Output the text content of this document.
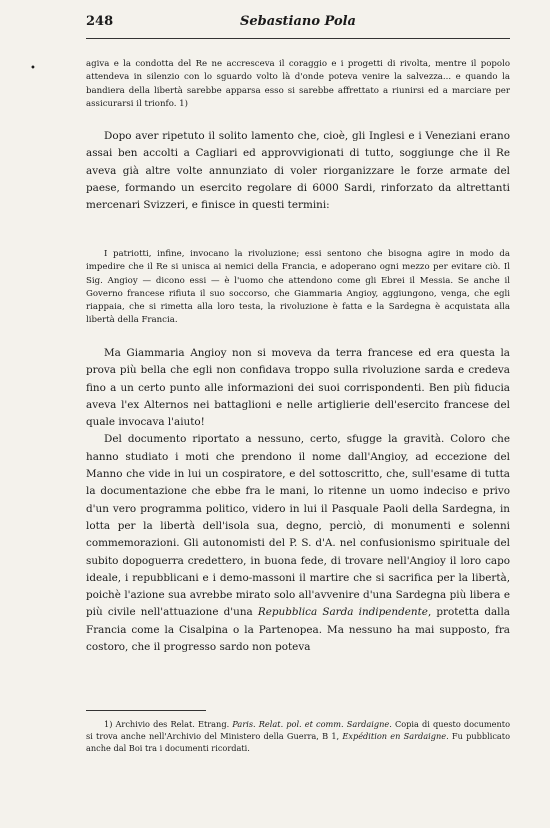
248	Sebastiano Pola
•	agiva e la condotta del Re ne accresceva il coraggio e i progetti di rivolta, mentre il popolo attendeva in silenzio con lo sguardo volto là d'onde poteva venire la salvezza... e quando la bandiera della libertà sarebbe apparsa esso si sarebbe affrettato a riunirsi ed a marciare per assicurarsi il trionfo. 1)

Dopo aver ripetuto il solito lamento che, cioè, gli Inglesi e i Veneziani erano assai ben accolti a Cagliari ed approvvigionati di tutto, soggiunge che il Re aveva già altre volte annunziato di voler riorganizzare le forze armate del paese, formando un esercito regolare di 6000 Sardi, rinforzato da altrettanti mercenari Svizzeri, e finisce in questi termini:

I patriotti, infine, invocano la rivoluzione; essi sentono che bisogna agire in modo da impedire che il Re si unisca ai nemici della Francia, e adoperano ogni mezzo per evitare ciò. Il Sig. Angioy — dicono essi — è l'uomo che attendono come gli Ebrei il Messia. Se anche il Governo francese rifiuta il suo soccorso, che Giammaria Angioy, aggiungono, venga, che egli riappaia, che si rimetta alla loro testa, la rivoluzione è fatta e la Sardegna è acquistata alla libertà della Francia.

Ma Giammaria Angioy non si moveva da terra francese ed era questa la prova più bella che egli non confidava troppo sulla rivoluzione sarda e credeva fino a un certo punto alle informazioni dei suoi corrispondenti. Ben più fiducia aveva l'ex Alternos nei battaglioni e nelle artiglierie dell'esercito francese del quale invocava l'aiuto!

Del documento riportato a nessuno, certo, sfugge la gravità. Coloro che hanno studiato i moti che prendono il nome dall'Angioy, ad eccezione del Manno che vide in lui un cospiratore, e del sottoscritto, che, sull'esame di tutta la documentazione che ebbe fra le mani, lo ritenne un uomo indeciso e privo d'un vero programma politico, videro in lui il Pasquale Paoli della Sardegna, in lotta per la libertà dell'isola sua, degno, perciò, di monumenti e solenni commemorazioni. Gli autonomisti del P. S. d'A. nel confusionismo spirituale del subito dopoguerra credettero, in buona fede, di trovare nell'Angioy il loro capo ideale, i repubblicani e i demo-massoni il martire che si sacrifica per la libertà, poichè l'azione sua avrebbe mirato solo all'avvenire d'una Sardegna più libera e più civile nell'attuazione d'una Repubblica Sarda indipendente, protetta dalla Francia come la Cisalpina o la Partenopea. Ma nessuno ha mai supposto, fra costoro, che il progresso sardo non poteva

1) Archivio des Relat. Etrang. Paris. Relat. pol. et comm. Sardaigne. Copia di questo documento si trova anche nell'Archivio del Ministero della Guerra, B 1, Expédition en Sardaigne. Fu pubblicato anche dal Boi tra i documenti ricordati.
